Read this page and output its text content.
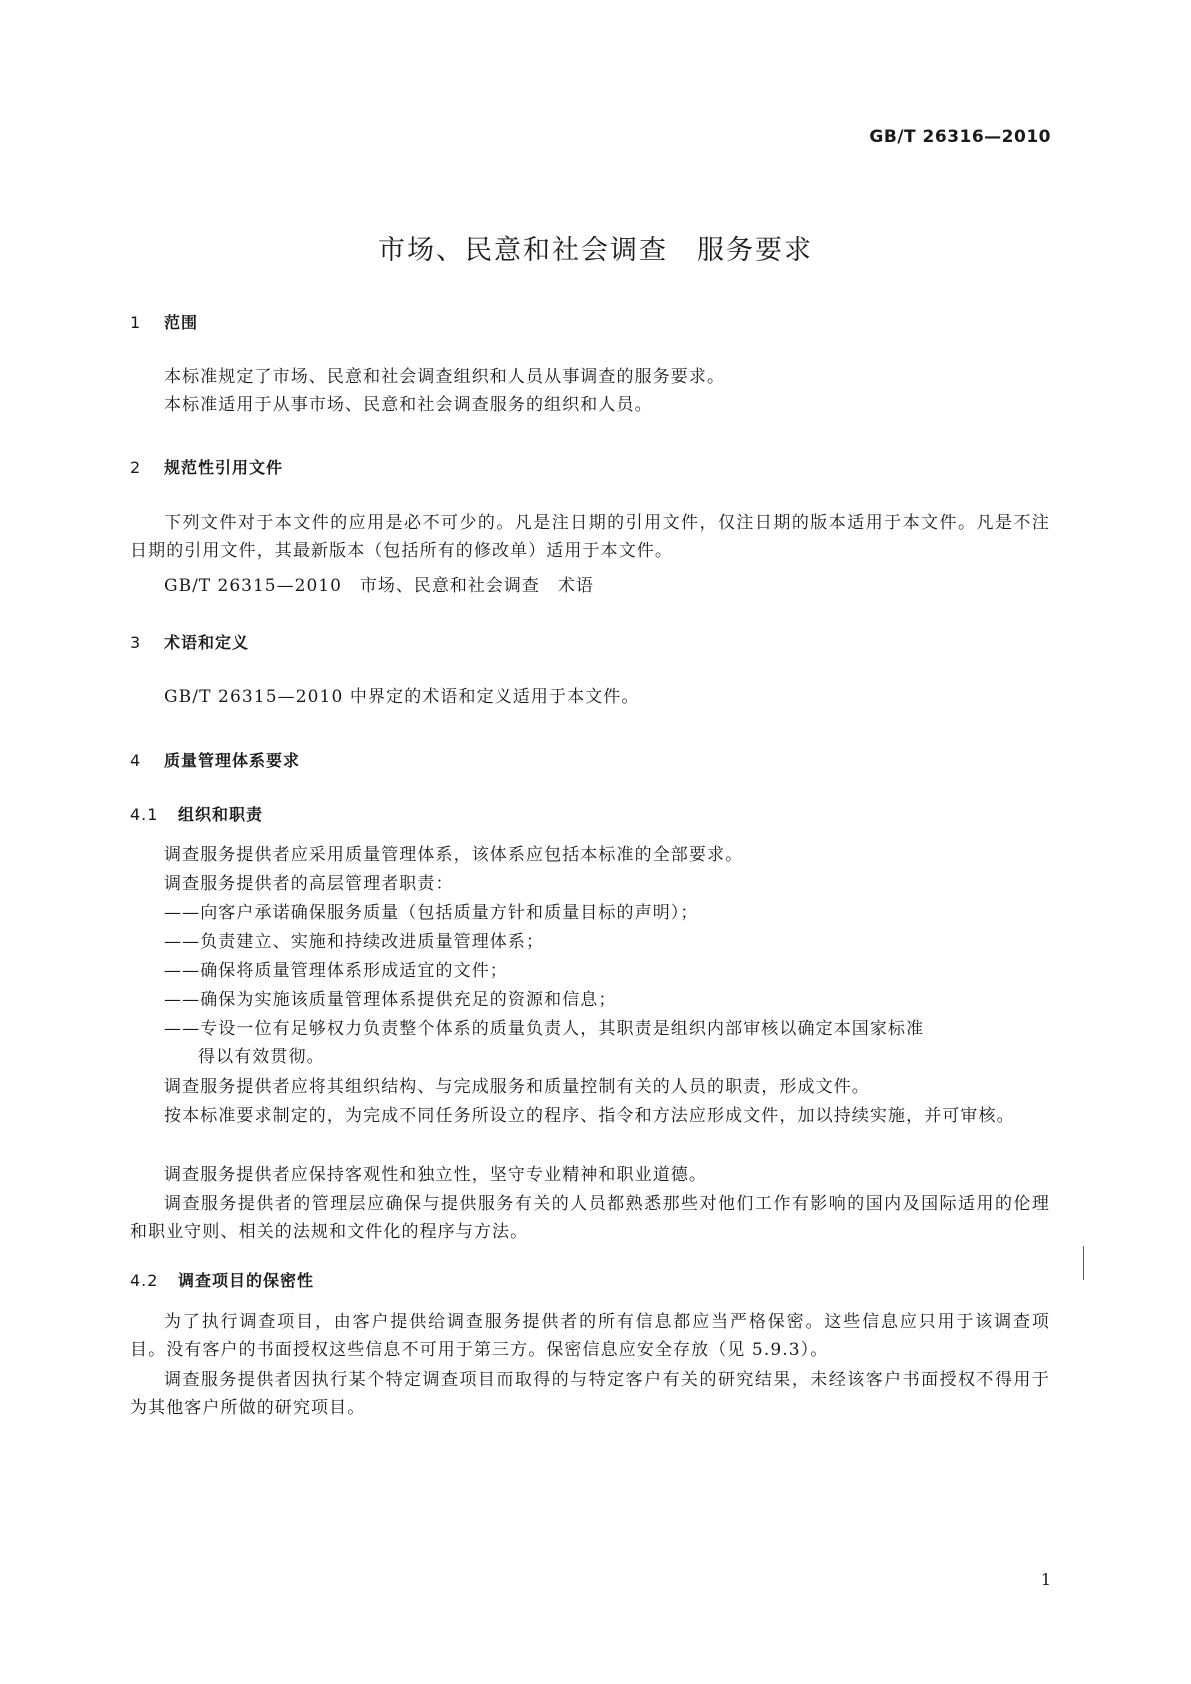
GB/T 26316—2010
市场、民意和社会调查　服务要求
1 范围
本标准规定了市场、民意和社会调查组织和人员从事调查的服务要求。
本标准适用于从事市场、民意和社会调查服务的组织和人员。
2 规范性引用文件
下列文件对于本文件的应用是必不可少的。凡是注日期的引用文件，仅注日期的版本适用于本文件。凡是不注日期的引用文件，其最新版本（包括所有的修改单）适用于本文件。
GB/T 26315—2010　市场、民意和社会调查　术语
3 术语和定义
GB/T 26315—2010 中界定的术语和定义适用于本文件。
4 质量管理体系要求
4.1 组织和职责
调查服务提供者应采用质量管理体系，该体系应包括本标准的全部要求。
调查服务提供者的高层管理者职责：
——向客户承诺确保服务质量（包括质量方针和质量目标的声明）；
——负责建立、实施和持续改进质量管理体系；
——确保将质量管理体系形成适宜的文件；
——确保为实施该质量管理体系提供充足的资源和信息；
——专设一位有足够权力负责整个体系的质量负责人，其职责是组织内部审核以确定本国家标准
得以有效贯彻。
调查服务提供者应将其组织结构、与完成服务和质量控制有关的人员的职责，形成文件。
按本标准要求制定的，为完成不同任务所设立的程序、指令和方法应形成文件，加以持续实施，并可审核。
调查服务提供者应保持客观性和独立性，坚守专业精神和职业道德。
调查服务提供者的管理层应确保与提供服务有关的人员都熟悉那些对他们工作有影响的国内及国际适用的伦理和职业守则、相关的法规和文件化的程序与方法。
4.2 调查项目的保密性
为了执行调查项目，由客户提供给调查服务提供者的所有信息都应当严格保密。这些信息应只用于该调查项目。没有客户的书面授权这些信息不可用于第三方。保密信息应安全存放（见 5.9.3）。
调查服务提供者因执行某个特定调查项目而取得的与特定客户有关的研究结果，未经该客户书面授权不得用于为其他客户所做的研究项目。
1
